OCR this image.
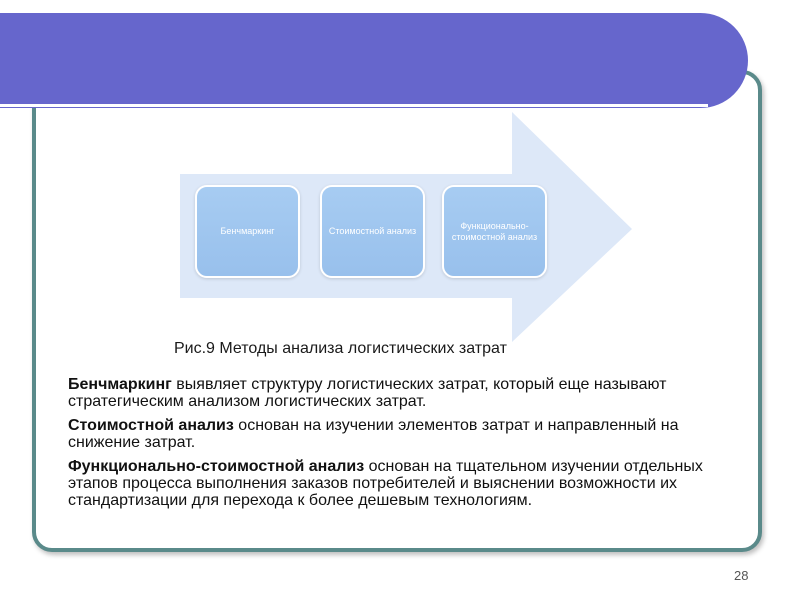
Бенчмаркинг	Стоимостной анализ
Функционально-стоимостной анализ
Рис.9 Методы анализа логистических затрат

Бенчмаркинг выявляет структуру логистических затрат, который еще называют стратегическим анализом логистических затрат.

Стоимостной анализ основан на изучении элементов затрат и направленный на снижение затрат.

Функционально-стоимостной анализ основан на тщательном изучении отдельных этапов процесса выполнения заказов потребителей и выяснении возможности их стандартизации для перехода к более дешевым технологиям.

28
